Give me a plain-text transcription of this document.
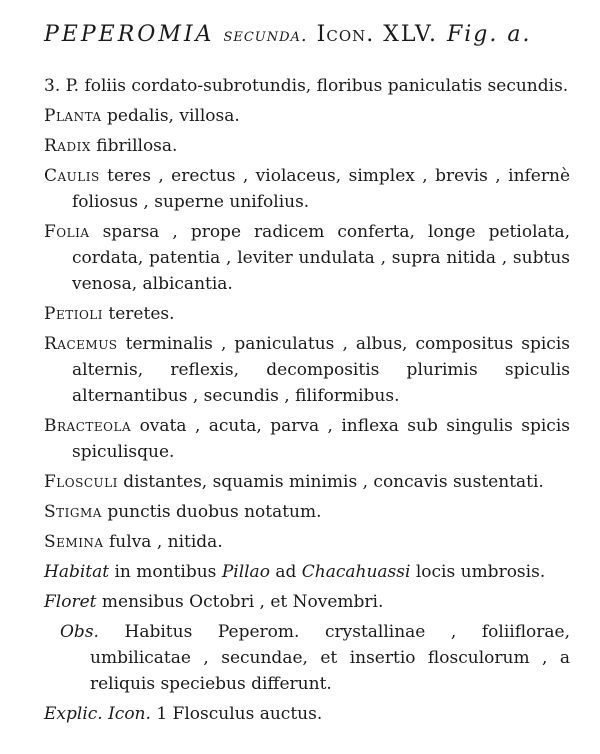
PEPEROMIA secunda. Icon. XLV. Fig. a.

3. P. foliis cordato-subrotundis, floribus paniculatis secundis.

Planta pedalis, villosa.

Radix fibrillosa.

Caulis teres , erectus , violaceus, simplex , brevis , infernè foliosus , superne unifolius.

Folia sparsa , prope radicem conferta, longe petiolata, cordata, patentia , leviter undulata , supra nitida , subtus venosa, albicantia.

Petioli teretes.

Racemus terminalis , paniculatus , albus, compositus spicis alternis, reflexis, decompositis plurimis spiculis alternantibus , secundis , filiformibus.

Bracteola ovata , acuta, parva , inflexa sub singulis spicis spiculisque.

Flosculi distantes, squamis minimis , concavis sustentati.

Stigma punctis duobus notatum.

Semina fulva , nitida.

Habitat in montibus Pillao ad Chacahuassi locis umbrosis.

Floret mensibus Octobri , et Novembri.

Obs. Habitus Peperom. crystallinae , foliiflorae, umbilicatae , secundae, et insertio flosculorum , a reliquis speciebus differunt.

Explic. Icon. 1 Flosculus auctus.
